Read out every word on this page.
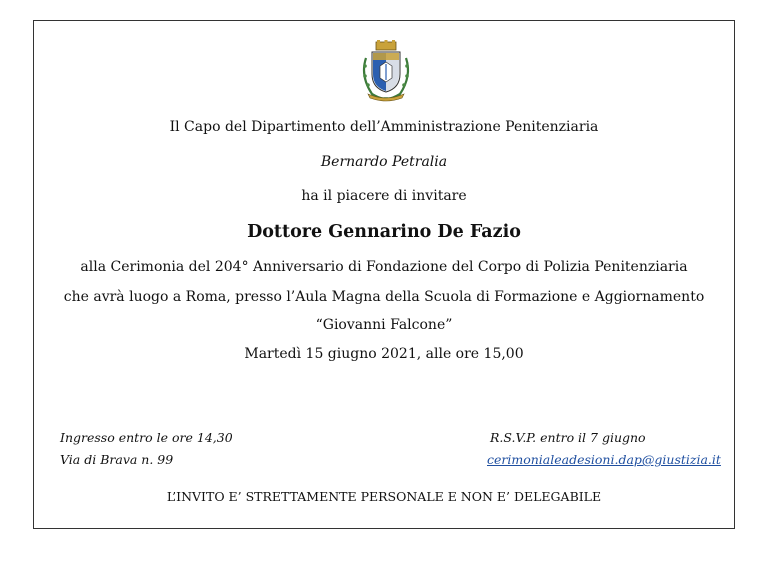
Il Capo del Dipartimento dell’Amministrazione Penitenziaria
Bernardo Petralia
ha il piacere di invitare
Dottore Gennarino De Fazio
alla Cerimonia del 204° Anniversario di Fondazione del Corpo di Polizia Penitenziaria
che avrà luogo a Roma, presso l’Aula Magna della Scuola di Formazione e Aggiornamento
“Giovanni Falcone”
Martedì 15 giugno 2021, alle ore 15,00
Ingresso entro le ore 14,30
Via di Brava n. 99
R.S.V.P. entro il 7 giugno
cerimonialeadesioni.dap@giustizia.it
L’INVITO E’ STRETTAMENTE PERSONALE E NON E’ DELEGABILE
